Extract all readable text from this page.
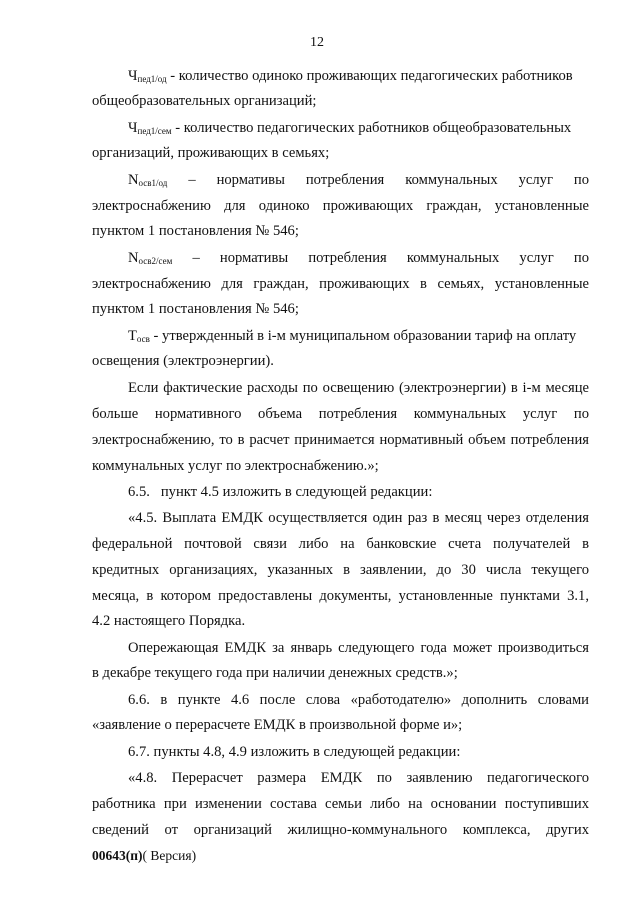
12
$Ч_{пед1/од}$ - количество одиноко проживающих педагогических работников
общеобразовательных организаций;
$Ч_{пед1/сем}$ - количество педагогических работников общеобразовательных
организаций, проживающих в семьях;
$N_{осв1/од}$ – нормативы потребления коммунальных услуг по
электроснабжению для одиноко проживающих граждан, установленные
пунктом 1 постановления № 546;
$N_{осв2/сем}$ – нормативы потребления коммунальных услуг по
электроснабжению для граждан, проживающих в семьях, установленные
пунктом 1 постановления № 546;
$Т_{осв}$ - утвержденный в i-м муниципальном образовании тариф на оплату
освещения (электроэнергии).
Если фактические расходы по освещению (электроэнергии) в i-м месяце
больше нормативного объема потребления коммунальных услуг по
электроснабжению, то в расчет принимается нормативный объем потребления
коммунальных услуг по электроснабжению.»;
6.5.   пункт 4.5 изложить в следующей редакции:
«4.5. Выплата ЕМДК осуществляется один раз в месяц через отделения
федеральной почтовой связи либо на банковские счета получателей в
кредитных организациях, указанных в заявлении, до 30 числа текущего
месяца, в котором предоставлены документы, установленные пунктами 3.1,
4.2 настоящего Порядка.
Опережающая ЕМДК за январь следующего года может производиться
в декабре текущего года при наличии денежных средств.»;
6.6. в пункте 4.6 после слова «работодателю» дополнить словами
«заявление о перерасчете ЕМДК в произвольной форме и»;
6.7. пункты 4.8, 4.9 изложить в следующей редакции:
«4.8. Перерасчет размера ЕМДК по заявлению педагогического
работника при изменении состава семьи либо на основании поступивших
сведений от организаций жилищно-коммунального комплекса, других
00643(п)( Версия)
